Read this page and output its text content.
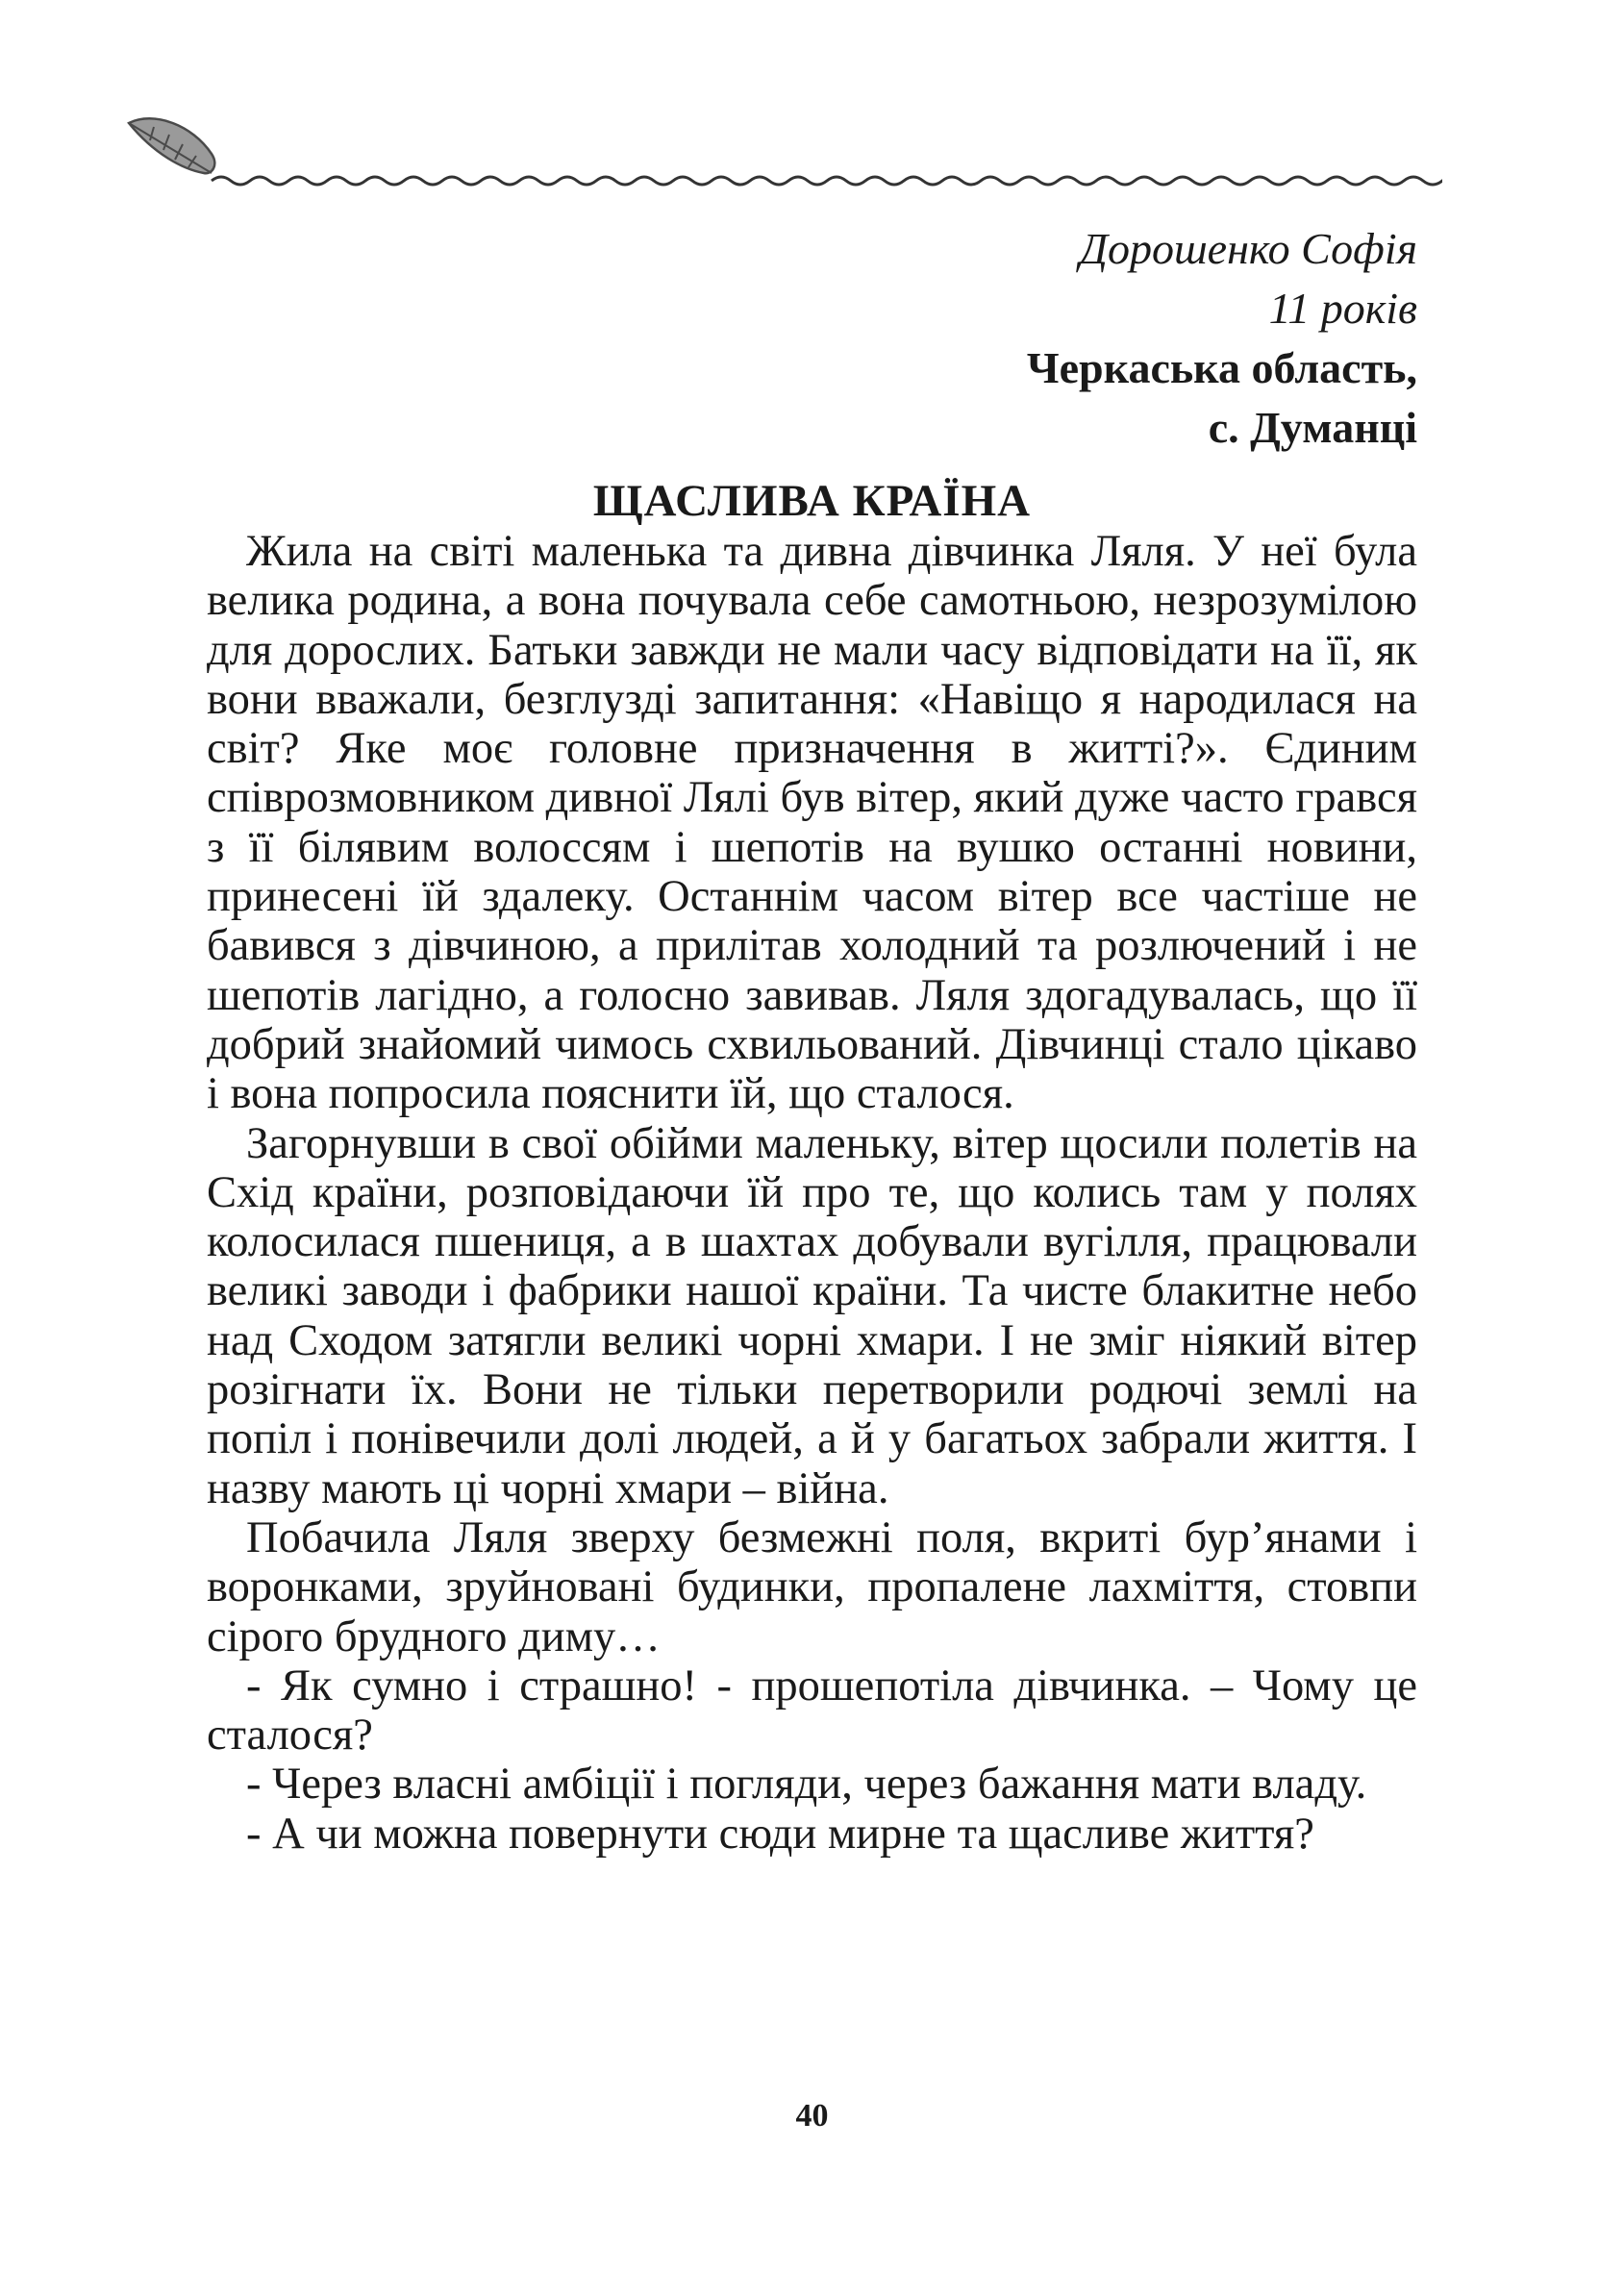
Дорошенко Софія
11 років
Черкаська область,
с. Думанці
ЩАСЛИВА КРАЇНА

Жила на світі маленька та дивна дівчинка Ляля. У неї була велика родина, а вона почувала себе самотньою, незрозумілою для дорослих. Батьки завжди не мали часу відповідати на її, як вони вважали, безглузді запитання: «Навіщо я народилася на світ? Яке моє головне призначення в житті?». Єдиним співрозмовником дивної Лялі був вітер, який дуже часто грався з її білявим волоссям і шепотів на вушко останні новини, принесені їй здалеку. Останнім часом вітер все частіше не бавився з дівчиною, а прилітав холодний та розлючений і не шепотів лагідно, а голосно завивав. Ляля здогадувалась, що її добрий знайомий чимось схвильований. Дівчинці стало цікаво і вона попросила пояснити їй, що сталося.

Загорнувши в свої обійми маленьку, вітер щосили полетів на Схід країни, розповідаючи їй про те, що колись там у полях колосилася пшениця, а в шахтах добували вугілля, працювали великі заводи і фабрики нашої країни. Та чисте блакитне небо над Сходом затягли великі чорні хмари. І не зміг ніякий вітер розігнати їх. Вони не тільки перетворили родючі землі на попіл і понівечили долі людей, а й у багатьох забрали життя. І назву мають ці чорні хмари – війна.

Побачила Ляля зверху безмежні поля, вкриті бур’янами і воронками, зруйновані будинки, пропалене лахміття, стовпи сірого брудного диму…

- Як сумно і страшно! - прошепотіла дівчинка. – Чому це сталося?

- Через власні амбіції і погляди, через бажання мати владу.

- А чи можна повернути сюди мирне та щасливе життя?

40
